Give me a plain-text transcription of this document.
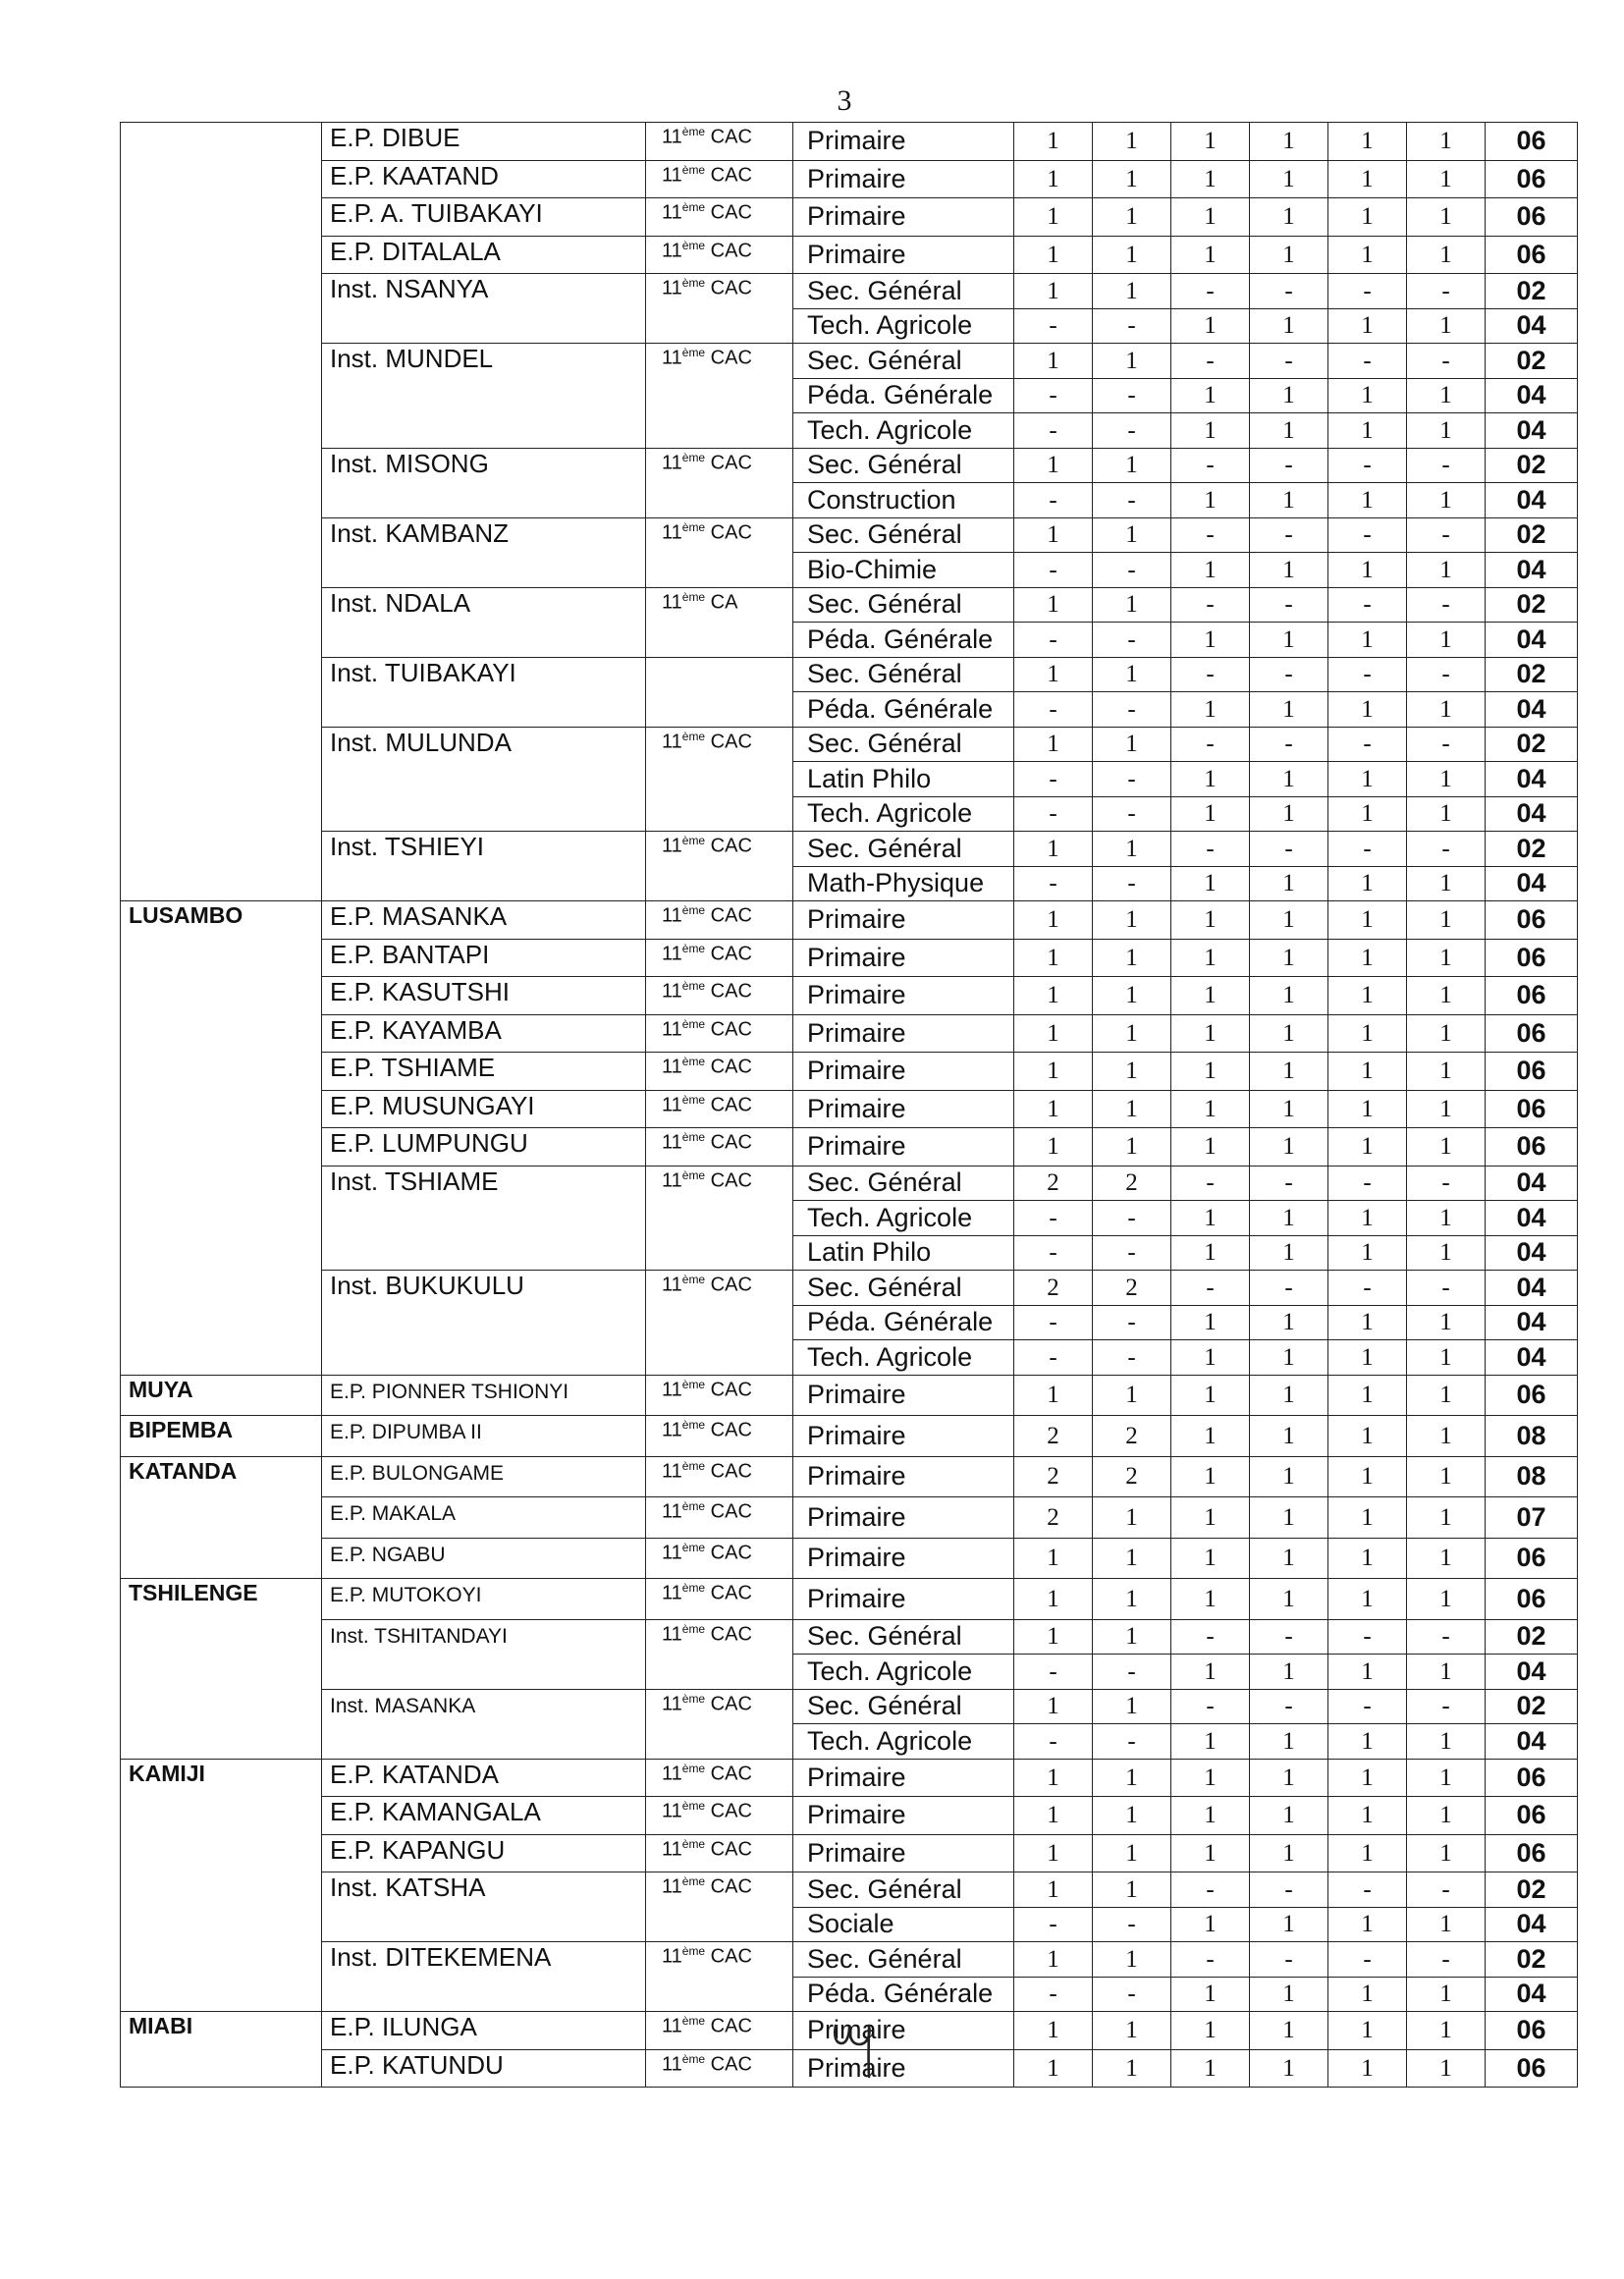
3
	E.P. DIBUE	11ème CAC	Primaire	1	1	1	1	1	1	06
	E.P. KAATAND	11ème CAC	Primaire	1	1	1	1	1	1	06
	E.P. A. TUIBAKAYI	11ème CAC	Primaire	1	1	1	1	1	1	06
	E.P. DITALALA	11ème CAC	Primaire	1	1	1	1	1	1	06
	Inst. NSANYA	11ème CAC	Sec. Général	1	1	-	-	-	-	02
			Tech. Agricole	-	-	1	1	1	1	04
	Inst. MUNDEL	11ème CAC	Sec. Général	1	1	-	-	-	-	02
			Péda. Générale	-	-	1	1	1	1	04
			Tech. Agricole	-	-	1	1	1	1	04
	Inst. MISONG	11ème CAC	Sec. Général	1	1	-	-	-	-	02
			Construction	-	-	1	1	1	1	04
	Inst. KAMBANZ	11ème CAC	Sec. Général	1	1	-	-	-	-	02
			Bio-Chimie	-	-	1	1	1	1	04
	Inst. NDALA	11ème CA	Sec. Général	1	1	-	-	-	-	02
			Péda. Générale	-	-	1	1	1	1	04
	Inst. TUIBAKAYI		Sec. Général	1	1	-	-	-	-	02
			Péda. Générale	-	-	1	1	1	1	04
	Inst. MULUNDA	11ème CAC	Sec. Général	1	1	-	-	-	-	02
			Latin Philo	-	-	1	1	1	1	04
			Tech. Agricole	-	-	1	1	1	1	04
	Inst. TSHIEYI	11ème CAC	Sec. Général	1	1	-	-	-	-	02
			Math-Physique	-	-	1	1	1	1	04
LUSAMBO	E.P. MASANKA	11ème CAC	Primaire	1	1	1	1	1	1	06
	E.P. BANTAPI	11ème CAC	Primaire	1	1	1	1	1	1	06
	E.P. KASUTSHI	11ème CAC	Primaire	1	1	1	1	1	1	06
	E.P. KAYAMBA	11ème CAC	Primaire	1	1	1	1	1	1	06
	E.P. TSHIAME	11ème CAC	Primaire	1	1	1	1	1	1	06
	E.P. MUSUNGAYI	11ème CAC	Primaire	1	1	1	1	1	1	06
	E.P. LUMPUNGU	11ème CAC	Primaire	1	1	1	1	1	1	06
	Inst. TSHIAME	11ème CAC	Sec. Général	2	2	-	-	-	-	04
			Tech. Agricole	-	-	1	1	1	1	04
			Latin Philo	-	-	1	1	1	1	04
	Inst. BUKUKULU	11ème CAC	Sec. Général	2	2	-	-	-	-	04
			Péda. Générale	-	-	1	1	1	1	04
			Tech. Agricole	-	-	1	1	1	1	04
MUYA	E.P. PIONNER TSHIONYI	11ème CAC	Primaire	1	1	1	1	1	1	06
BIPEMBA	E.P. DIPUMBA II	11ème CAC	Primaire	2	2	1	1	1	1	08
KATANDA	E.P. BULONGAME	11ème CAC	Primaire	2	2	1	1	1	1	08
	E.P. MAKALA	11ème CAC	Primaire	2	1	1	1	1	1	07
	E.P. NGABU	11ème CAC	Primaire	1	1	1	1	1	1	06
TSHILENGE	E.P. MUTOKOYI	11ème CAC	Primaire	1	1	1	1	1	1	06
	Inst. TSHITANDAYI	11ème CAC	Sec. Général	1	1	-	-	-	-	02
			Tech. Agricole	-	-	1	1	1	1	04
	Inst. MASANKA	11ème CAC	Sec. Général	1	1	-	-	-	-	02
			Tech. Agricole	-	-	1	1	1	1	04
KAMIJI	E.P. KATANDA	11ème CAC	Primaire	1	1	1	1	1	1	06
	E.P. KAMANGALA	11ème CAC	Primaire	1	1	1	1	1	1	06
	E.P. KAPANGU	11ème CAC	Primaire	1	1	1	1	1	1	06
	Inst. KATSHA	11ème CAC	Sec. Général	1	1	-	-	-	-	02
			Sociale	-	-	1	1	1	1	04
	Inst. DITEKEMENA	11ème CAC	Sec. Général	1	1	-	-	-	-	02
			Péda. Générale	-	-	1	1	1	1	04
MIABI	E.P. ILUNGA	11ème CAC	Primaire	1	1	1	1	1	1	06
	E.P. KATUNDU	11ème CAC	Primaire	1	1	1	1	1	1	06
